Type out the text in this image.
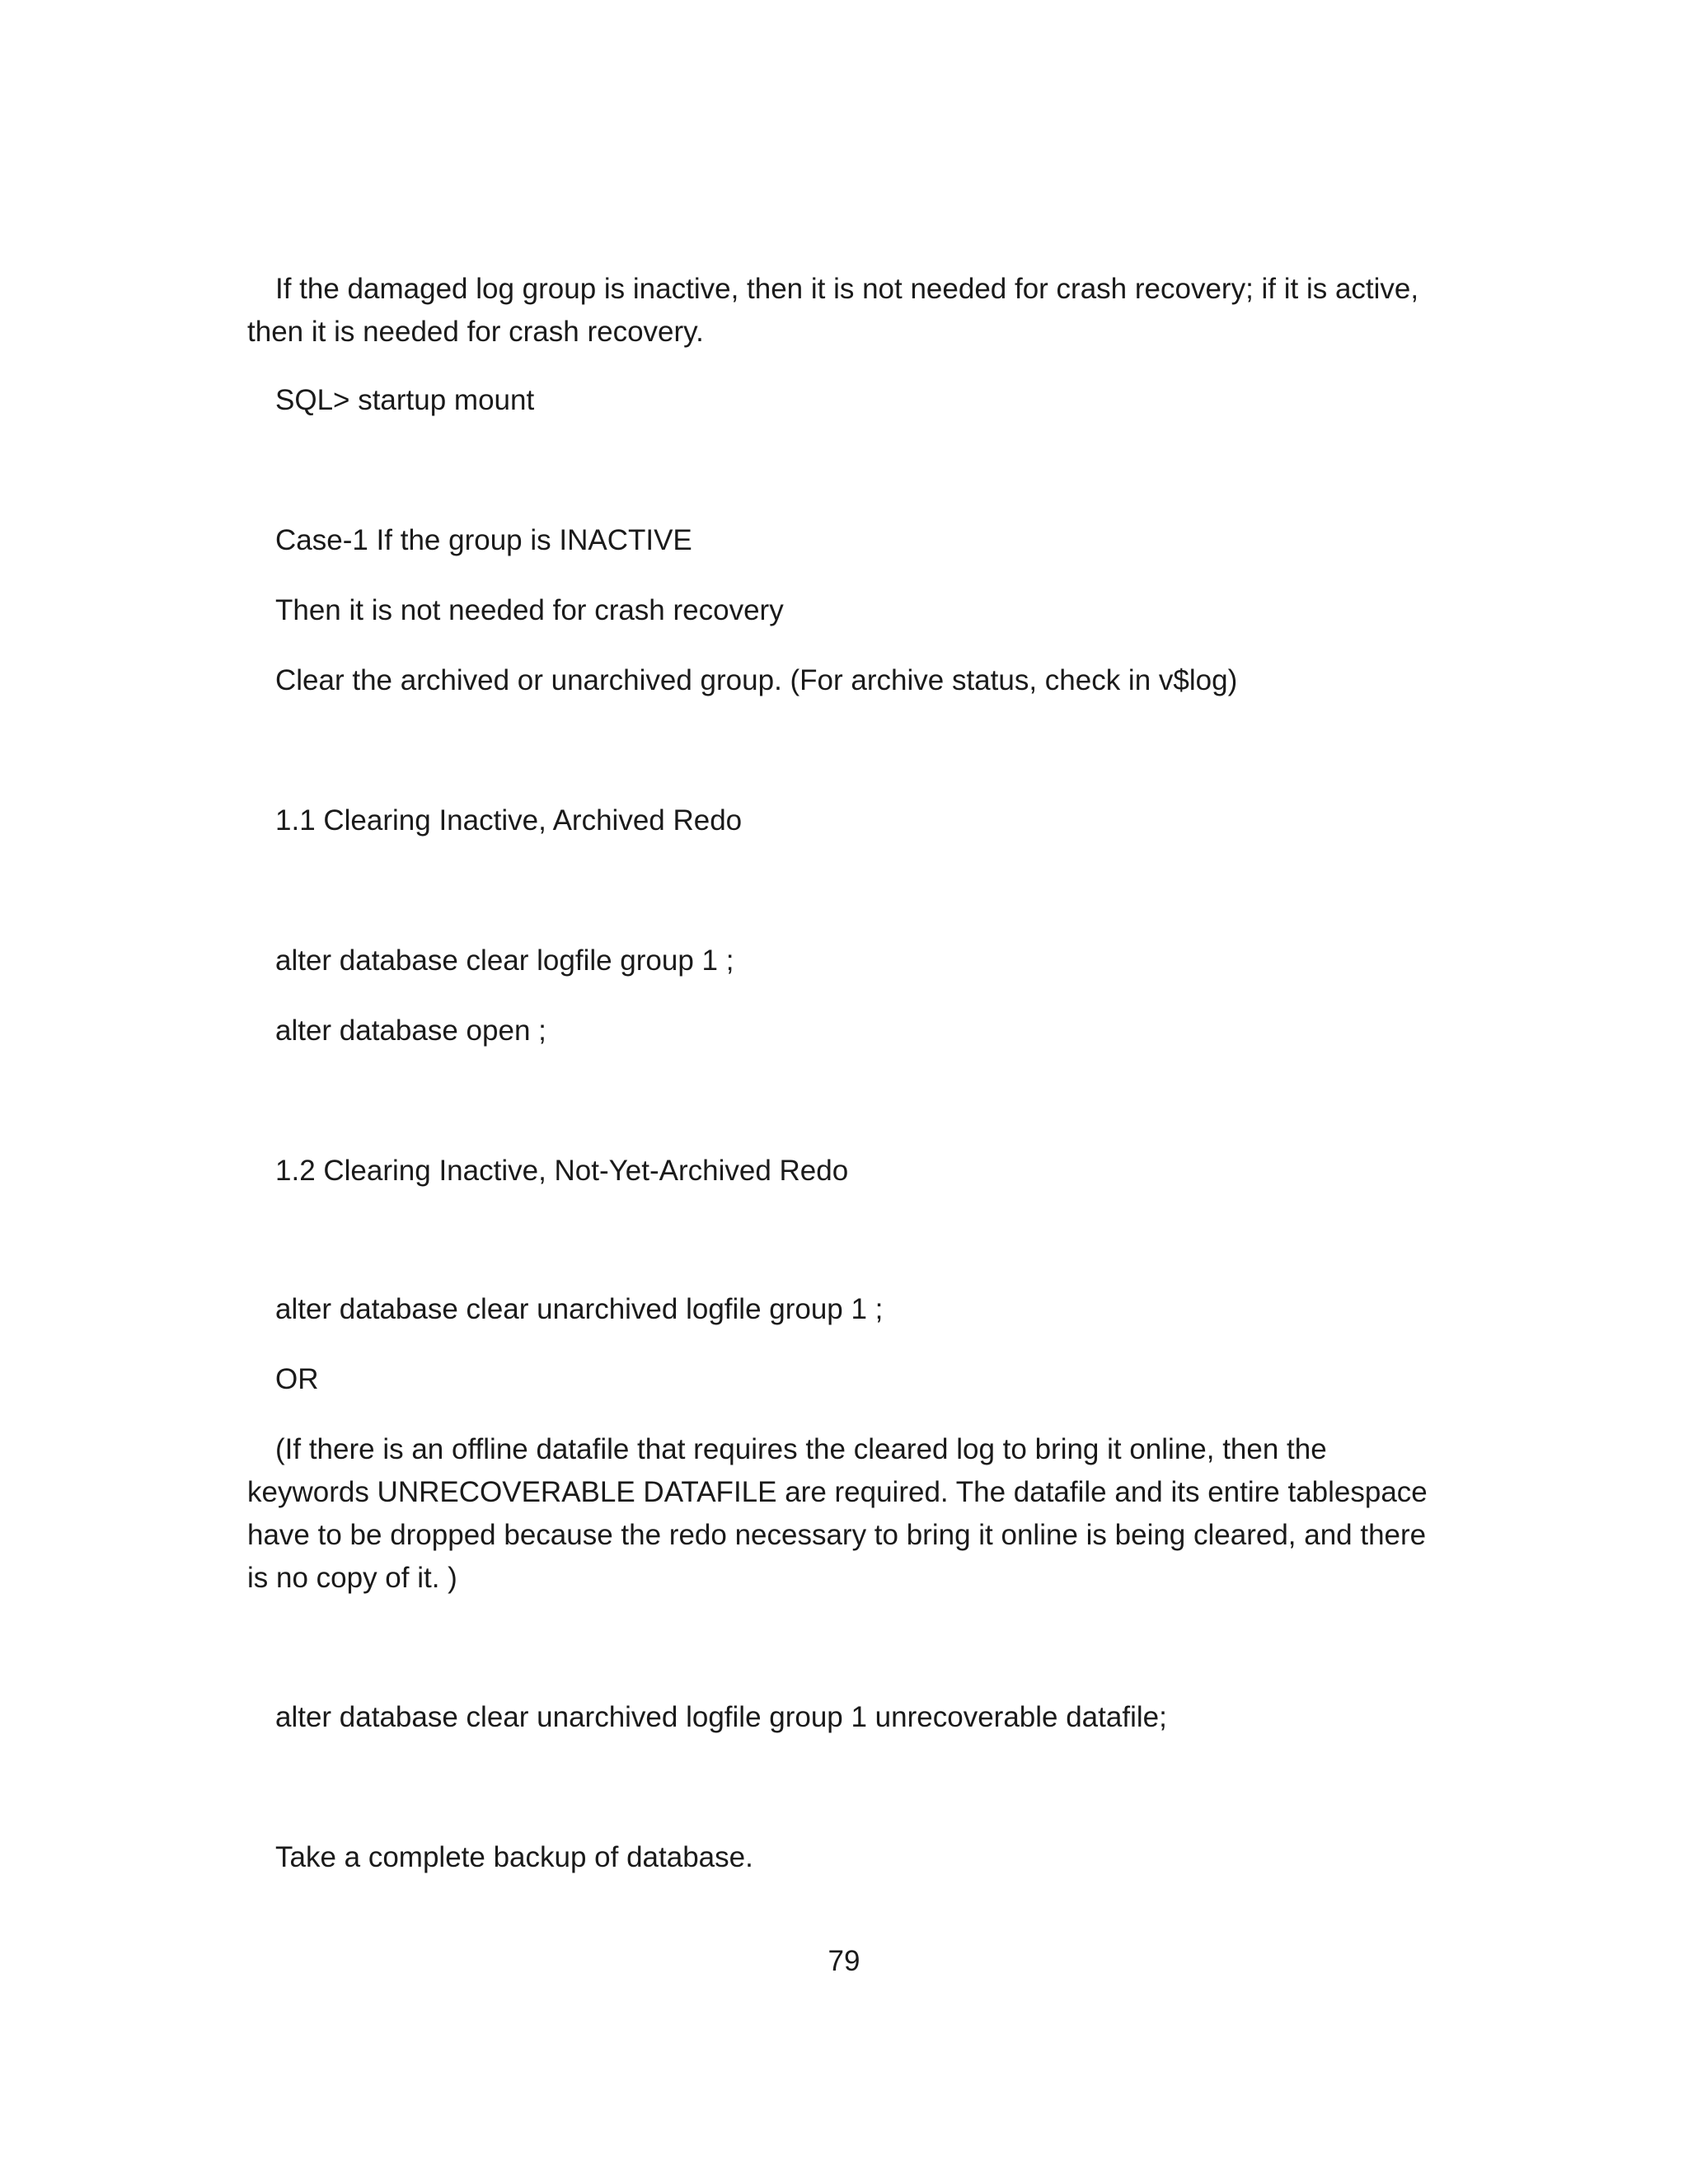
If the damaged log group is inactive, then it is not needed for crash recovery; if it is active, then it is needed for crash recovery.

SQL> startup mount

Case-1 If the group is INACTIVE

Then it is not needed for crash recovery

Clear the archived or unarchived group. (For archive status, check in v$log)

1.1 Clearing Inactive, Archived Redo

alter database clear logfile group 1 ;

alter database open ;

1.2 Clearing Inactive, Not-Yet-Archived Redo

alter database clear unarchived logfile group 1 ;

OR

(If there is an offline datafile that requires the cleared log to bring it online, then the keywords UNRECOVERABLE DATAFILE are required. The datafile and its entire tablespace have to be dropped because the redo necessary to bring it online is being cleared, and there is no copy of it. )

alter database clear unarchived logfile group 1 unrecoverable datafile;

Take a complete backup of database.

79
